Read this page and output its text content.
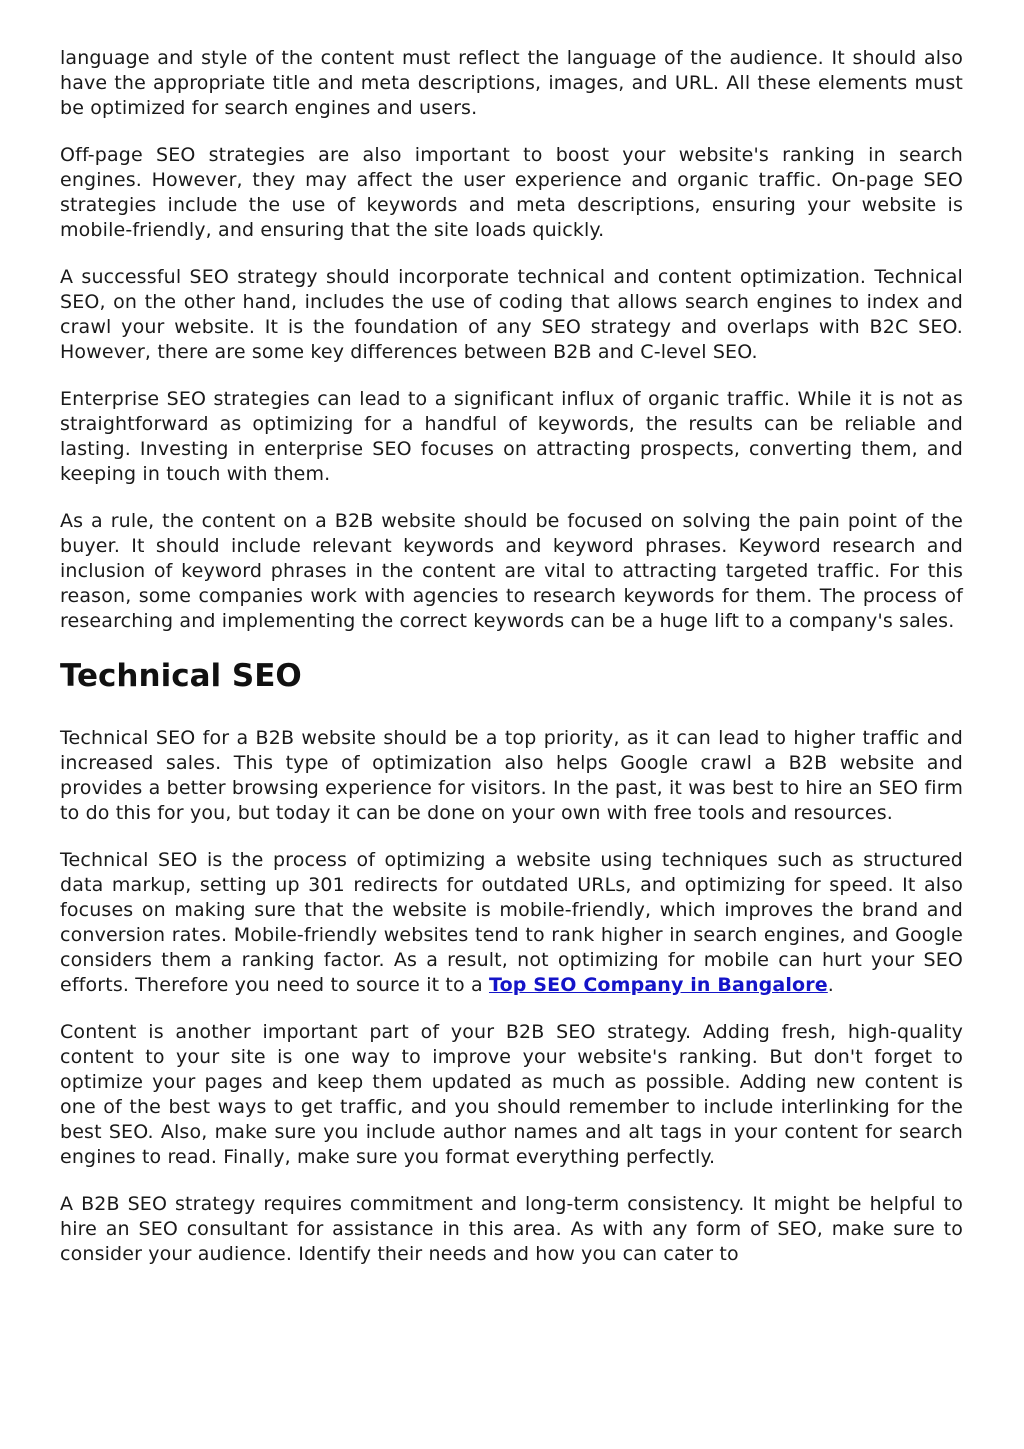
language and style of the content must reflect the language of the audience. It should also have the appropriate title and meta descriptions, images, and URL. All these elements must be optimized for search engines and users.

Off-page SEO strategies are also important to boost your website's ranking in search engines. However, they may affect the user experience and organic traffic. On-page SEO strategies include the use of keywords and meta descriptions, ensuring your website is mobile-friendly, and ensuring that the site loads quickly.

A successful SEO strategy should incorporate technical and content optimization. Technical SEO, on the other hand, includes the use of coding that allows search engines to index and crawl your website. It is the foundation of any SEO strategy and overlaps with B2C SEO. However, there are some key differences between B2B and C-level SEO.

Enterprise SEO strategies can lead to a significant influx of organic traffic. While it is not as straightforward as optimizing for a handful of keywords, the results can be reliable and lasting. Investing in enterprise SEO focuses on attracting prospects, converting them, and keeping in touch with them.

As a rule, the content on a B2B website should be focused on solving the pain point of the buyer. It should include relevant keywords and keyword phrases. Keyword research and inclusion of keyword phrases in the content are vital to attracting targeted traffic. For this reason, some companies work with agencies to research keywords for them. The process of researching and implementing the correct keywords can be a huge lift to a company's sales.

Technical SEO

Technical SEO for a B2B website should be a top priority, as it can lead to higher traffic and increased sales. This type of optimization also helps Google crawl a B2B website and provides a better browsing experience for visitors. In the past, it was best to hire an SEO firm to do this for you, but today it can be done on your own with free tools and resources.

Technical SEO is the process of optimizing a website using techniques such as structured data markup, setting up 301 redirects for outdated URLs, and optimizing for speed. It also focuses on making sure that the website is mobile-friendly, which improves the brand and conversion rates. Mobile-friendly websites tend to rank higher in search engines, and Google considers them a ranking factor. As a result, not optimizing for mobile can hurt your SEO efforts. Therefore you need to source it to a Top SEO Company in Bangalore.

Content is another important part of your B2B SEO strategy. Adding fresh, high-quality content to your site is one way to improve your website's ranking. But don't forget to optimize your pages and keep them updated as much as possible. Adding new content is one of the best ways to get traffic, and you should remember to include interlinking for the best SEO. Also, make sure you include author names and alt tags in your content for search engines to read. Finally, make sure you format everything perfectly.

A B2B SEO strategy requires commitment and long-term consistency. It might be helpful to hire an SEO consultant for assistance in this area. As with any form of SEO, make sure to consider your audience. Identify their needs and how you can cater to
